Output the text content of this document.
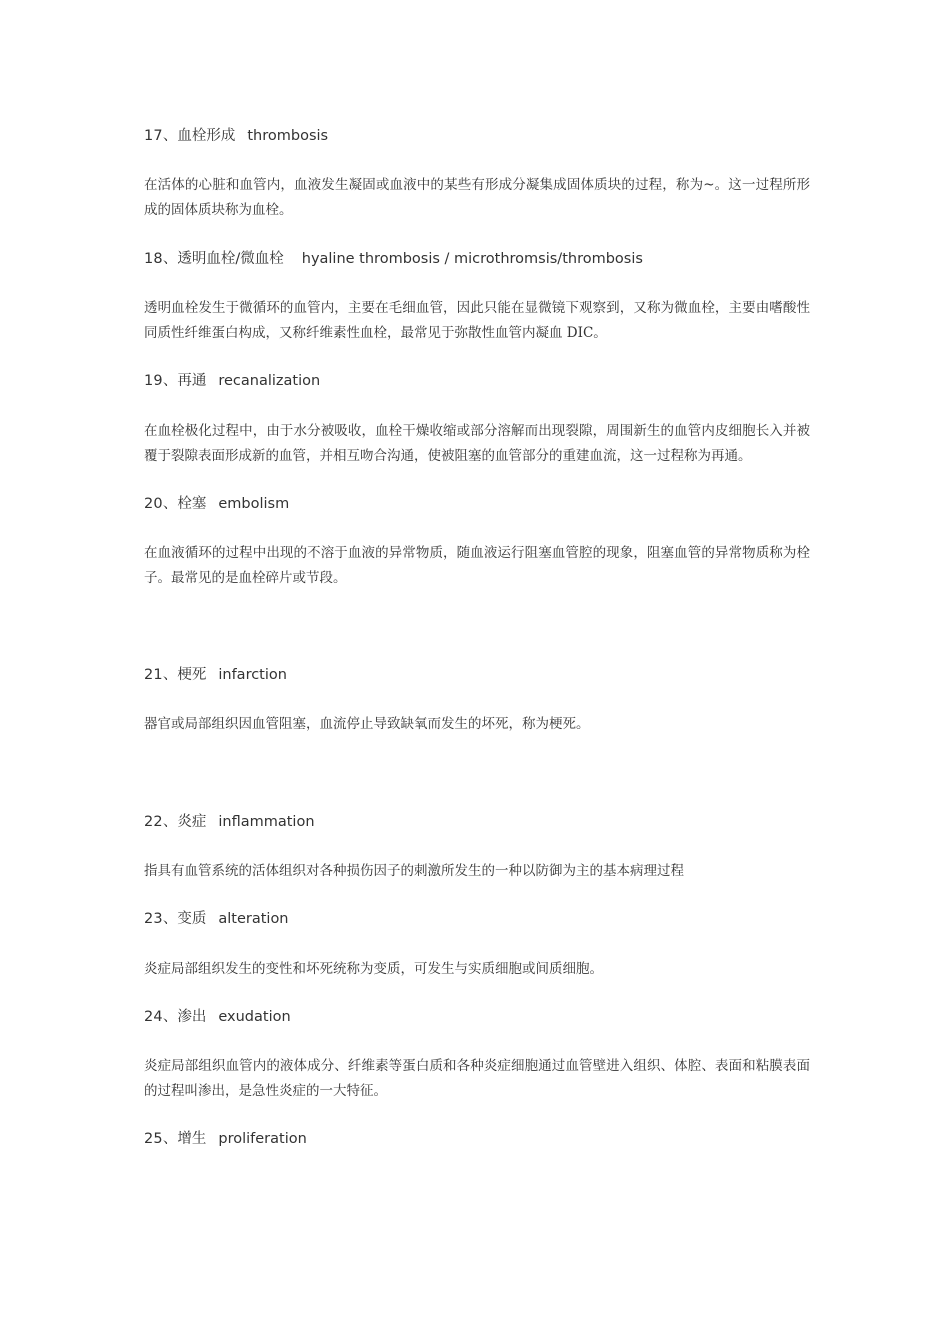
17、血栓形成 thrombosis
在活体的心脏和血管内，血液发生凝固或血液中的某些有形成分凝集成固体质块的过程，称为~。这一过程所形成的固体质块称为血栓。
18、透明血栓/微血栓 hyaline thrombosis / microthromsis/thrombosis
透明血栓发生于微循环的血管内，主要在毛细血管，因此只能在显微镜下观察到，又称为微血栓，主要由嗜酸性同质性纤维蛋白构成，又称纤维素性血栓，最常见于弥散性血管内凝血 DIC。
19、再通 recanalization
在血栓极化过程中，由于水分被吸收，血栓干燥收缩或部分溶解而出现裂隙，周围新生的血管内皮细胞长入并被覆于裂隙表面形成新的血管，并相互吻合沟通，使被阻塞的血管部分的重建血流，这一过程称为再通。
20、栓塞 embolism
在血液循环的过程中出现的不溶于血液的异常物质，随血液运行阻塞血管腔的现象，阻塞血管的异常物质称为栓子。最常见的是血栓碎片或节段。
21、梗死 infarction
器官或局部组织因血管阻塞，血流停止导致缺氧而发生的坏死，称为梗死。
22、炎症 inflammation
指具有血管系统的活体组织对各种损伤因子的刺激所发生的一种以防御为主的基本病理过程
23、变质 alteration
炎症局部组织发生的变性和坏死统称为变质，可发生与实质细胞或间质细胞。
24、渗出 exudation
炎症局部组织血管内的液体成分、纤维素等蛋白质和各种炎症细胞通过血管壁进入组织、体腔、表面和粘膜表面的过程叫渗出，是急性炎症的一大特征。
25、增生 proliferation
